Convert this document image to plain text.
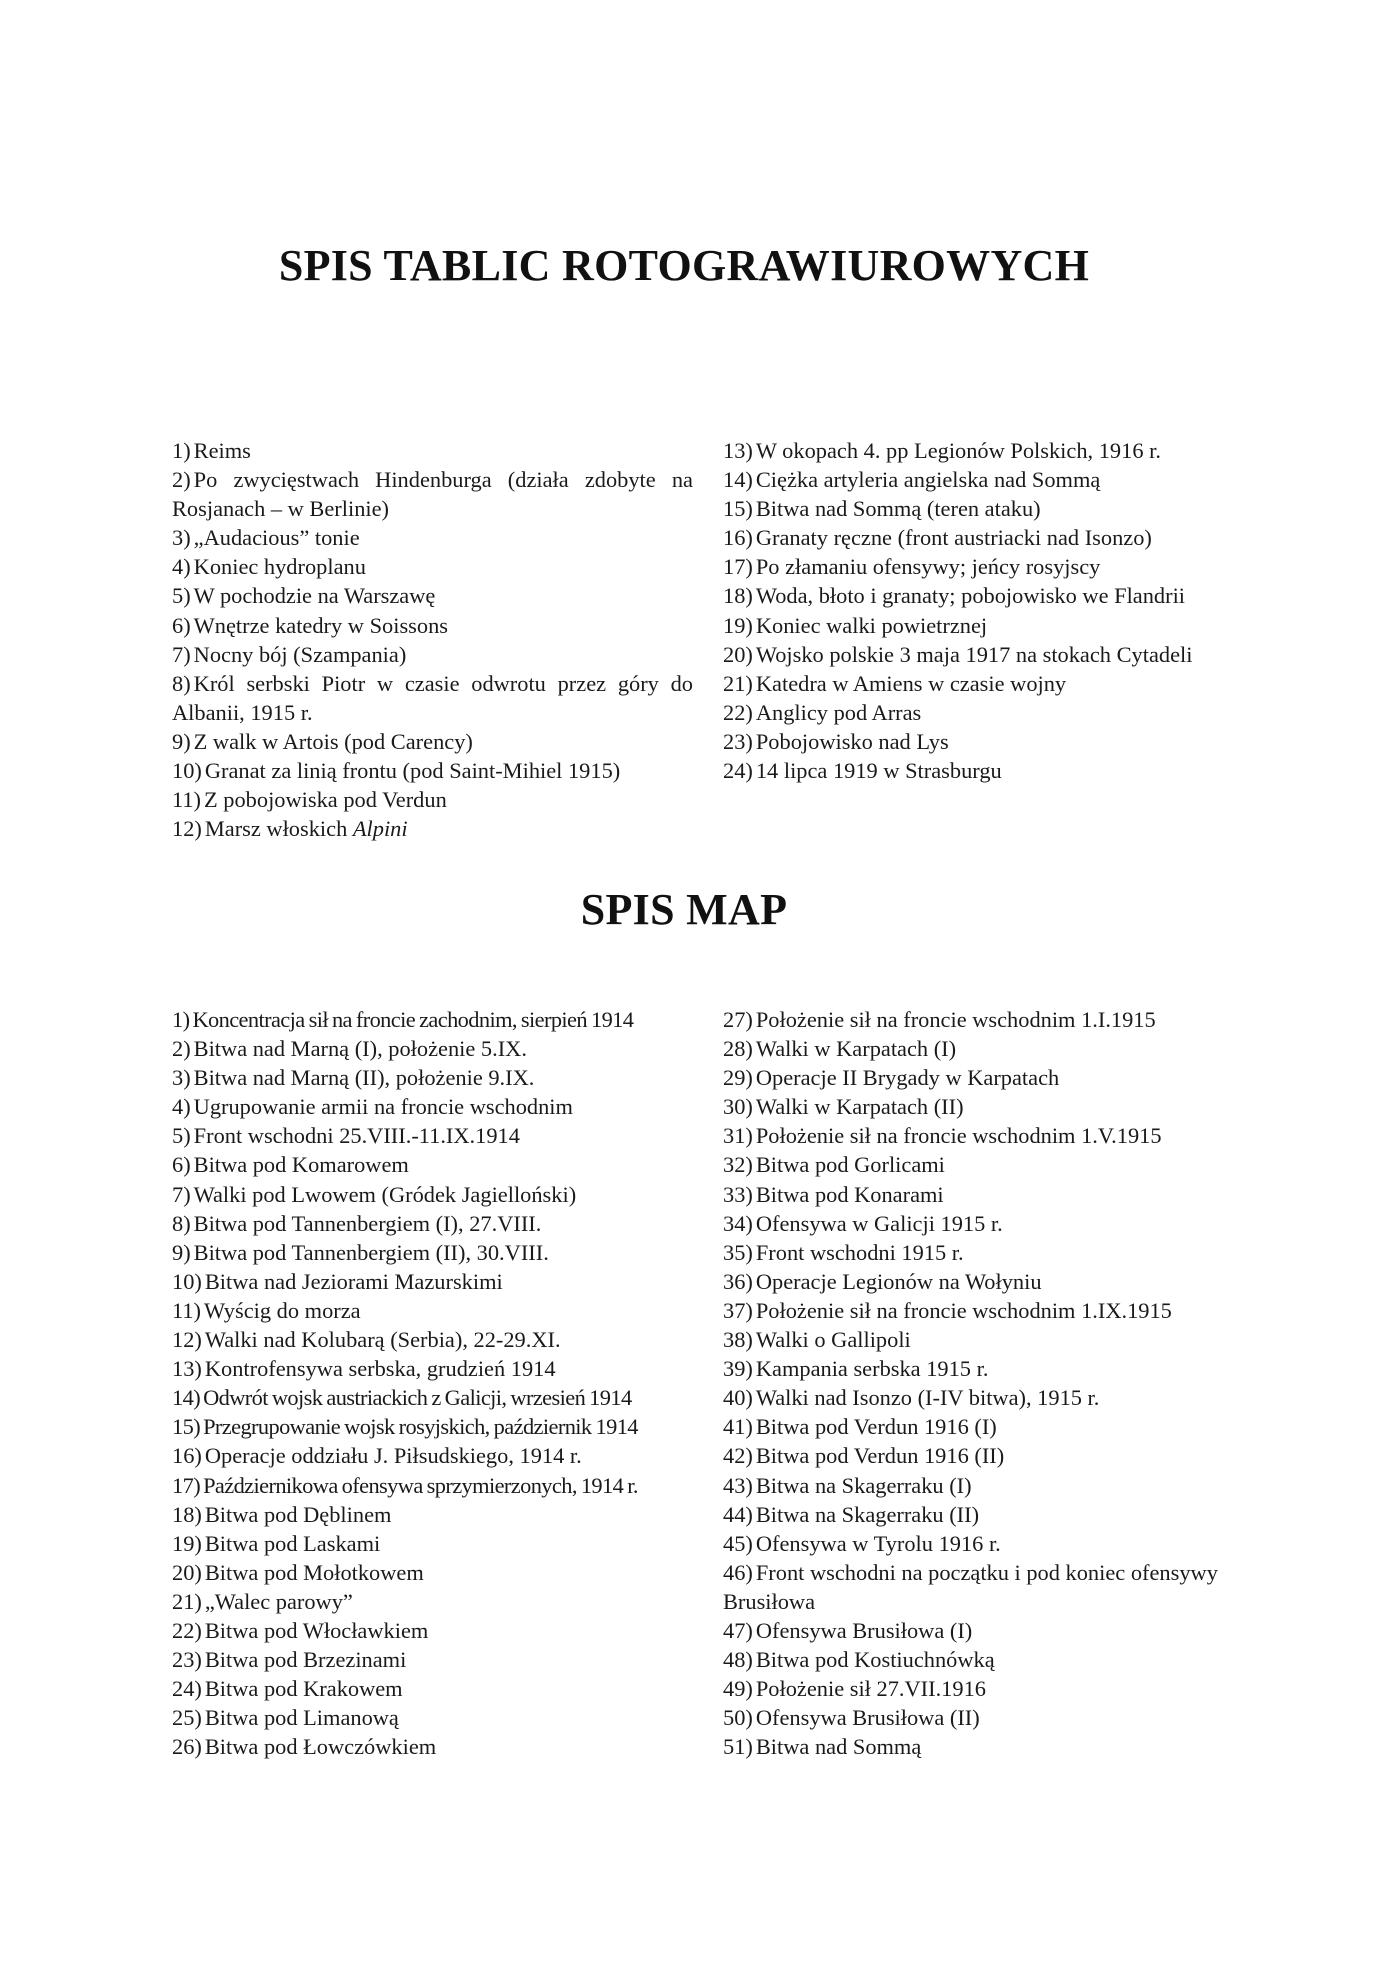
SPIS TABLIC ROTOGRAWIUROWYCH

1) Reims

2) Po zwycięstwach Hindenburga (działa zdobyte na Rosjanach – w Berlinie)

3) „Audacious” tonie

4) Koniec hydroplanu

5) W pochodzie na Warszawę

6) Wnętrze katedry w Soissons

7) Nocny bój (Szampania)

8) Król serbski Piotr w czasie odwrotu przez góry do Albanii, 1915 r.

9) Z walk w Artois (pod Carency)

10) Granat za linią frontu (pod Saint-Mihiel 1915)

11) Z pobojowiska pod Verdun

12) Marsz włoskich Alpini

13) W okopach 4. pp Legionów Polskich, 1916 r.

14) Ciężka artyleria angielska nad Sommą

15) Bitwa nad Sommą (teren ataku)

16) Granaty ręczne (front austriacki nad Isonzo)

17) Po złamaniu ofensywy; jeńcy rosyjscy

18) Woda, błoto i granaty; pobojowisko we Flandrii

19) Koniec walki powietrznej

20) Wojsko polskie 3 maja 1917 na stokach Cytadeli

21) Katedra w Amiens w czasie wojny

22) Anglicy pod Arras

23) Pobojowisko nad Lys

24) 14 lipca 1919 w Strasburgu

SPIS MAP

1) Koncentracja sił na froncie zachodnim, sierpień 1914

2) Bitwa nad Marną (I), położenie 5.IX.

3) Bitwa nad Marną (II), położenie 9.IX.

4) Ugrupowanie armii na froncie wschodnim

5) Front wschodni 25.VIII.-11.IX.1914

6) Bitwa pod Komarowem

7) Walki pod Lwowem (Gródek Jagielloński)

8) Bitwa pod Tannenbergiem (I), 27.VIII.

9) Bitwa pod Tannenbergiem (II), 30.VIII.

10) Bitwa nad Jeziorami Mazurskimi

11) Wyścig do morza

12) Walki nad Kolubarą (Serbia), 22-29.XI.

13) Kontrofensywa serbska, grudzień 1914

14) Odwrót wojsk austriackich z Galicji, wrzesień 1914

15) Przegrupowanie wojsk rosyjskich, październik 1914

16) Operacje oddziału J. Piłsudskiego, 1914 r.

17) Październikowa ofensywa sprzymierzonych, 1914 r.

18) Bitwa pod Dęblinem

19) Bitwa pod Laskami

20) Bitwa pod Mołotkowem

21) „Walec parowy”

22) Bitwa pod Włocławkiem

23) Bitwa pod Brzezinami

24) Bitwa pod Krakowem

25) Bitwa pod Limanową

26) Bitwa pod Łowczówkiem

27) Położenie sił na froncie wschodnim 1.I.1915

28) Walki w Karpatach (I)

29) Operacje II Brygady w Karpatach

30) Walki w Karpatach (II)

31) Położenie sił na froncie wschodnim 1.V.1915

32) Bitwa pod Gorlicami

33) Bitwa pod Konarami

34) Ofensywa w Galicji 1915 r.

35) Front wschodni 1915 r.

36) Operacje Legionów na Wołyniu

37) Położenie sił na froncie wschodnim 1.IX.1915

38) Walki o Gallipoli

39) Kampania serbska 1915 r.

40) Walki nad Isonzo (I-IV bitwa), 1915 r.

41) Bitwa pod Verdun 1916 (I)

42) Bitwa pod Verdun 1916 (II)

43) Bitwa na Skagerraku (I)

44) Bitwa na Skagerraku (II)

45) Ofensywa w Tyrolu 1916 r.

46) Front wschodni na początku i pod koniec ofensywy Brusiłowa

47) Ofensywa Brusiłowa (I)

48) Bitwa pod Kostiuchnówką

49) Położenie sił 27.VII.1916

50) Ofensywa Brusiłowa (II)

51) Bitwa nad Sommą
